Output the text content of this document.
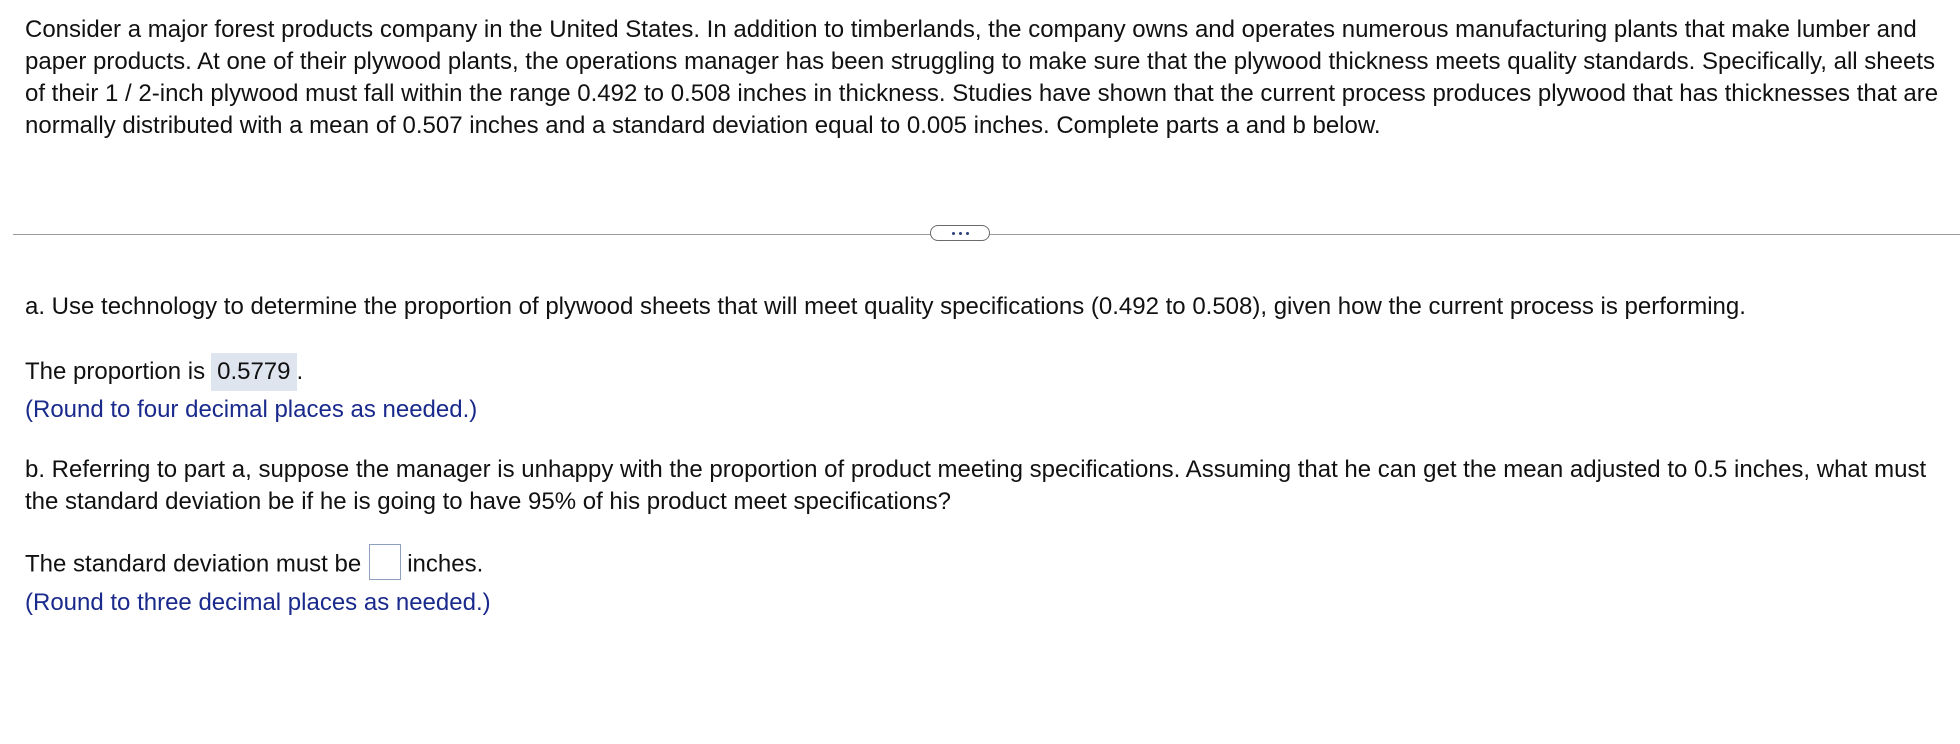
Consider a major forest products company in the United States. In addition to timberlands, the company owns and operates numerous manufacturing plants that make lumber and paper products. At one of their plywood plants, the operations manager has been struggling to make sure that the plywood thickness meets quality standards. Specifically, all sheets of their 1 / 2-inch plywood must fall within the range 0.492 to 0.508 inches in thickness. Studies have shown that the current process produces plywood that has thicknesses that are normally distributed with a mean of 0.507 inches and a standard deviation equal to 0.005 inches. Complete parts a and b below.

a. Use technology to determine the proportion of plywood sheets that will meet quality specifications (0.492 to 0.508), given how the current process is performing.

The proportion is 0.5779 .

(Round to four decimal places as needed.)

b. Referring to part a, suppose the manager is unhappy with the proportion of product meeting specifications. Assuming that he can get the mean adjusted to 0.5 inches, what must the standard deviation be if he is going to have 95% of his product meet specifications?

The standard deviation must be inches.

(Round to three decimal places as needed.)
